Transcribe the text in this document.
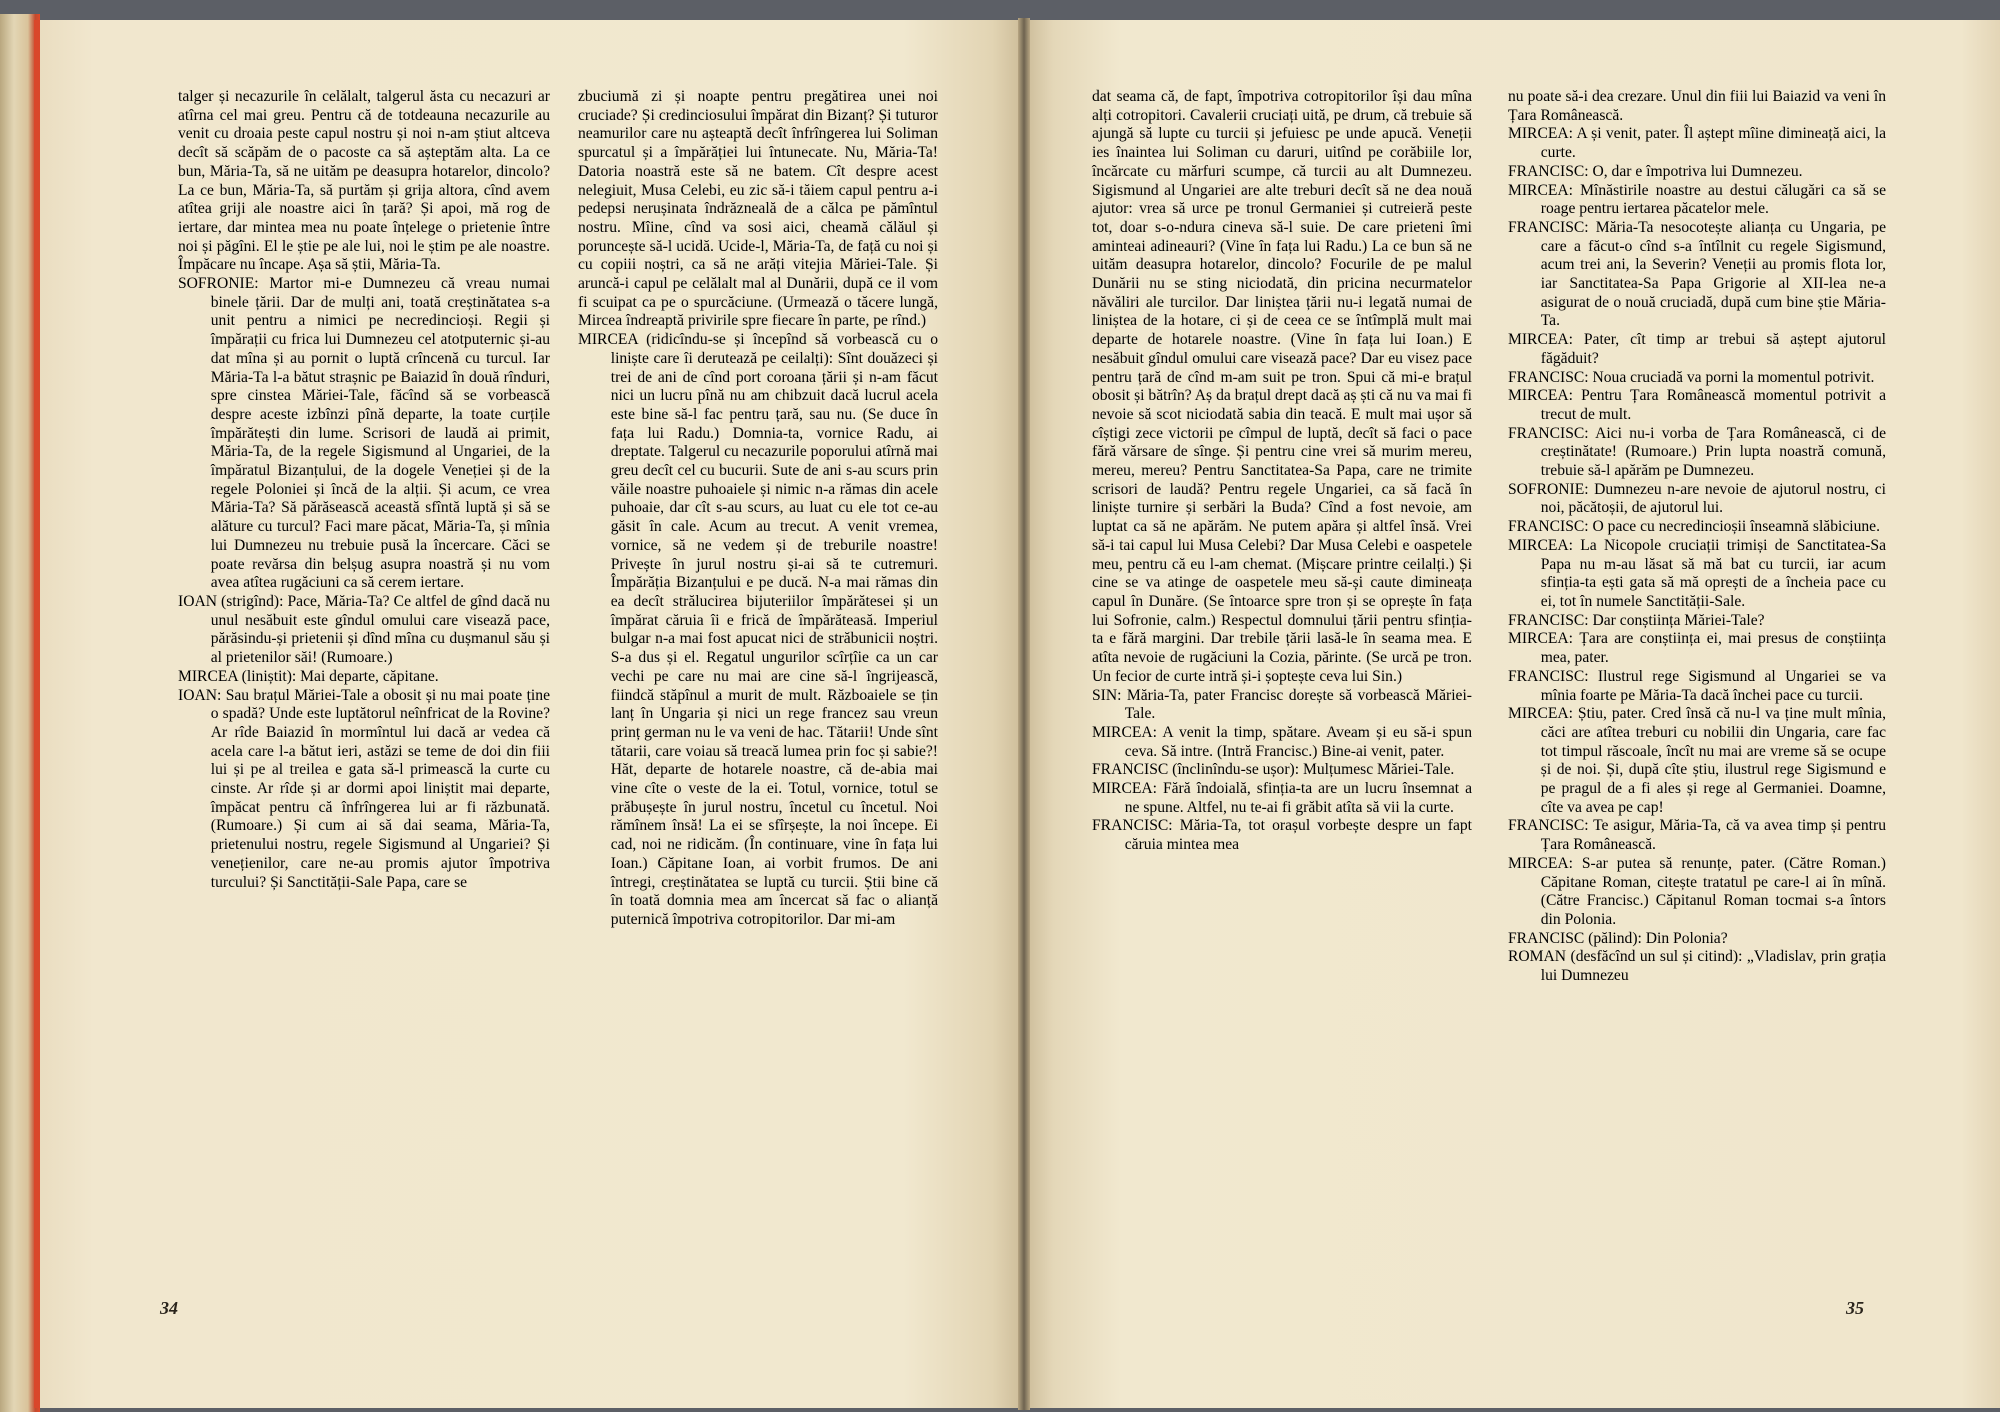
talger și necazurile în celălalt, talgerul ăsta cu necazuri ar atîrna cel mai greu. Pentru că de totdeauna necazurile au venit cu droaia peste capul nostru și noi n-am știut altceva decît să scăpăm de o pacoste ca să așteptăm alta. La ce bun, Măria-Ta, să ne uităm pe deasupra hotarelor, dincolo? La ce bun, Măria-Ta, să purtăm și grija altora, cînd avem atîtea griji ale noastre aici în țară? Și apoi, mă rog de iertare, dar mintea mea nu poate înțelege o prietenie între noi și păgîni. El le știe pe ale lui, noi le știm pe ale noastre. Împăcare nu încape. Așa să știi, Măria-Ta.

SOFRONIE: Martor mi-e Dumnezeu că vreau numai binele țării. Dar de mulți ani, toată creștinătatea s-a unit pentru a nimici pe necredincioși. Regii și împărații cu frica lui Dumnezeu cel atotputernic și-au dat mîna și au pornit o luptă crîncenă cu turcul. Iar Măria-Ta l-a bătut strașnic pe Baiazid în două rînduri, spre cinstea Măriei-Tale, făcînd să se vorbească despre aceste izbînzi pînă departe, la toate curțile împărătești din lume. Scrisori de laudă ai primit, Măria-Ta, de la regele Sigismund al Ungariei, de la împăratul Bizanțului, de la dogele Veneției și de la regele Poloniei și încă de la alții. Și acum, ce vrea Măria-Ta? Să părăsească această sfîntă luptă și să se alăture cu turcul? Faci mare păcat, Măria-Ta, și mînia lui Dumnezeu nu trebuie pusă la încercare. Căci se poate revărsa din belșug asupra noastră și nu vom avea atîtea rugăciuni ca să cerem iertare.

IOAN (strigînd): Pace, Măria-Ta? Ce altfel de gînd dacă nu unul nesăbuit este gîndul omului care visează pace, părăsindu-și prietenii și dînd mîna cu dușmanul său și al prietenilor săi! (Rumoare.)

MIRCEA (liniștit): Mai departe, căpitane.

IOAN: Sau brațul Măriei-Tale a obosit și nu mai poate ține o spadă? Unde este luptătorul neînfricat de la Rovine? Ar rîde Baiazid în mormîntul lui dacă ar vedea că acela care l-a bătut ieri, astăzi se teme de doi din fiii lui și pe al treilea e gata să-l primească la curte cu cinste. Ar rîde și ar dormi apoi liniștit mai departe, împăcat pentru că înfrîngerea lui ar fi răzbunată. (Rumoare.) Și cum ai să dai seama, Măria-Ta, prietenului nostru, regele Sigismund al Ungariei? Și venețienilor, care ne-au promis ajutor împotriva turcului? Și Sanctității-Sale Papa, care se

zbuciumă zi și noapte pentru pregătirea unei noi cruciade? Și credinciosului împărat din Bizanț? Și tuturor neamurilor care nu așteaptă decît înfrîngerea lui Soliman spurcatul și a împărăției lui întunecate. Nu, Măria-Ta! Datoria noastră este să ne batem. Cît despre acest nelegiuit, Musa Celebi, eu zic să-i tăiem capul pentru a-i pedepsi nerușinata îndrăzneală de a călca pe pămîntul nostru. Mîine, cînd va sosi aici, cheamă călăul și poruncește să-l ucidă. Ucide-l, Măria-Ta, de față cu noi și cu copiii noștri, ca să ne arăți vitejia Măriei-Tale. Și aruncă-i capul pe celălalt mal al Dunării, după ce il vom fi scuipat ca pe o spurcăciune. (Urmează o tăcere lungă, Mircea îndreaptă privirile spre fiecare în parte, pe rînd.)

MIRCEA (ridicîndu-se și începînd să vorbească cu o liniște care îi derutează pe ceilalți): Sînt douăzeci și trei de ani de cînd port coroana țării și n-am făcut nici un lucru pînă nu am chibzuit dacă lucrul acela este bine să-l fac pentru țară, sau nu. (Se duce în fața lui Radu.) Domnia-ta, vornice Radu, ai dreptate. Talgerul cu necazurile poporului atîrnă mai greu decît cel cu bucurii. Sute de ani s-au scurs prin văile noastre puhoaiele și nimic n-a rămas din acele puhoaie, dar cît s-au scurs, au luat cu ele tot ce-au găsit în cale. Acum au trecut. A venit vremea, vornice, să ne vedem și de treburile noastre! Privește în jurul nostru și-ai să te cutremuri. Împărăția Bizanțului e pe ducă. N-a mai rămas din ea decît strălucirea bijuteriilor împărătesei și un împărat căruia îi e frică de împărăteasă. Imperiul bulgar n-a mai fost apucat nici de străbunicii noștri. S-a dus și el. Regatul ungurilor scîrțîie ca un car vechi pe care nu mai are cine să-l îngrijească, fiindcă stăpînul a murit de mult. Războaiele se țin lanț în Ungaria și nici un rege francez sau vreun prinț german nu le va veni de hac. Tătarii! Unde sînt tătarii, care voiau să treacă lumea prin foc și sabie?! Hăt, departe de hotarele noastre, că de-abia mai vine cîte o veste de la ei. Totul, vornice, totul se prăbușește în jurul nostru, încetul cu încetul. Noi rămînem însă! La ei se sfîrșește, la noi începe. Ei cad, noi ne ridicăm. (În continuare, vine în fața lui Ioan.) Căpitane Ioan, ai vorbit frumos. De ani întregi, creștinătatea se luptă cu turcii. Știi bine că în toată domnia mea am încercat să fac o alianță puternică împotriva cotropitorilor. Dar mi-am

dat seama că, de fapt, împotriva cotropitorilor își dau mîna alți cotropitori. Cavalerii cruciați uită, pe drum, că trebuie să ajungă să lupte cu turcii și jefuiesc pe unde apucă. Veneții ies înaintea lui Soliman cu daruri, uitînd pe corăbiile lor, încărcate cu mărfuri scumpe, că turcii au alt Dumnezeu. Sigismund al Ungariei are alte treburi decît să ne dea nouă ajutor: vrea să urce pe tronul Germaniei și cutreieră peste tot, doar s-o-ndura cineva să-l suie. De care prieteni îmi aminteai adineauri? (Vine în fața lui Radu.) La ce bun să ne uităm deasupra hotarelor, dincolo? Focurile de pe malul Dunării nu se sting niciodată, din pricina necurmatelor năvăliri ale turcilor. Dar liniștea țării nu-i legată numai de liniștea de la hotare, ci și de ceea ce se întîmplă mult mai departe de hotarele noastre. (Vine în fața lui Ioan.) E nesăbuit gîndul omului care visează pace? Dar eu visez pace pentru țară de cînd m-am suit pe tron. Spui că mi-e brațul obosit și bătrîn? Aș da brațul drept dacă aș ști că nu va mai fi nevoie să scot niciodată sabia din teacă. E mult mai ușor să cîștigi zece victorii pe cîmpul de luptă, decît să faci o pace fără vărsare de sînge. Și pentru cine vrei să murim mereu, mereu, mereu? Pentru Sanctitatea-Sa Papa, care ne trimite scrisori de laudă? Pentru regele Ungariei, ca să facă în liniște turnire și serbări la Buda? Cînd a fost nevoie, am luptat ca să ne apărăm. Ne putem apăra și altfel însă. Vrei să-i tai capul lui Musa Celebi? Dar Musa Celebi e oaspetele meu, pentru că eu l-am chemat. (Mișcare printre ceilalți.) Și cine se va atinge de oaspetele meu să-și caute dimineața capul în Dunăre. (Se întoarce spre tron și se oprește în fața lui Sofronie, calm.) Respectul domnului țării pentru sfinția-ta e fără margini. Dar trebile țării lasă-le în seama mea. E atîta nevoie de rugăciuni la Cozia, părinte. (Se urcă pe tron. Un fecior de curte intră și-i șoptește ceva lui Sin.)

SIN: Măria-Ta, pater Francisc dorește să vorbească Măriei-Tale.

MIRCEA: A venit la timp, spătare. Aveam și eu să-i spun ceva. Să intre. (Intră Francisc.) Bine-ai venit, pater.

FRANCISC (înclinîndu-se ușor): Mulțumesc Măriei-Tale.

MIRCEA: Fără îndoială, sfinția-ta are un lucru însemnat a ne spune. Altfel, nu te-ai fi grăbit atîta să vii la curte.

FRANCISC: Măria-Ta, tot orașul vorbește despre un fapt căruia mintea mea

nu poate să-i dea crezare. Unul din fiii lui Baiazid va veni în Țara Românească.

MIRCEA: A și venit, pater. Îl aștept mîine dimineață aici, la curte.

FRANCISC: O, dar e împotriva lui Dumnezeu.

MIRCEA: Mînăstirile noastre au destui călugări ca să se roage pentru iertarea păcatelor mele.

FRANCISC: Măria-Ta nesocotește alianța cu Ungaria, pe care a făcut-o cînd s-a întîlnit cu regele Sigismund, acum trei ani, la Severin? Veneții au promis flota lor, iar Sanctitatea-Sa Papa Grigorie al XII-lea ne-a asigurat de o nouă cruciadă, după cum bine știe Măria-Ta.

MIRCEA: Pater, cît timp ar trebui să aștept ajutorul făgăduit?

FRANCISC: Noua cruciadă va porni la momentul potrivit.

MIRCEA: Pentru Țara Românească momentul potrivit a trecut de mult.

FRANCISC: Aici nu-i vorba de Țara Românească, ci de creștinătate! (Rumoare.) Prin lupta noastră comună, trebuie să-l apărăm pe Dumnezeu.

SOFRONIE: Dumnezeu n-are nevoie de ajutorul nostru, ci noi, păcătoșii, de ajutorul lui.

FRANCISC: O pace cu necredincioșii înseamnă slăbiciune.

MIRCEA: La Nicopole cruciații trimiși de Sanctitatea-Sa Papa nu m-au lăsat să mă bat cu turcii, iar acum sfinția-ta ești gata să mă oprești de a încheia pace cu ei, tot în numele Sanctității-Sale.

FRANCISC: Dar conștiința Măriei-Tale?

MIRCEA: Țara are conștiința ei, mai presus de conștiința mea, pater.

FRANCISC: Ilustrul rege Sigismund al Ungariei se va mînia foarte pe Măria-Ta dacă închei pace cu turcii.

MIRCEA: Știu, pater. Cred însă că nu-l va ține mult mînia, căci are atîtea treburi cu nobilii din Ungaria, care fac tot timpul răscoale, încît nu mai are vreme să se ocupe și de noi. Și, după cîte știu, ilustrul rege Sigismund e pe pragul de a fi ales și rege al Germaniei. Doamne, cîte va avea pe cap!

FRANCISC: Te asigur, Măria-Ta, că va avea timp și pentru Țara Românească.

MIRCEA: S-ar putea să renunțe, pater. (Către Roman.) Căpitane Roman, citește tratatul pe care-l ai în mînă. (Către Francisc.) Căpitanul Roman tocmai s-a întors din Polonia.

FRANCISC (pălind): Din Polonia?

ROMAN (desfăcînd un sul și citind): „Vladislav, prin grația lui Dumnezeu

34	35
